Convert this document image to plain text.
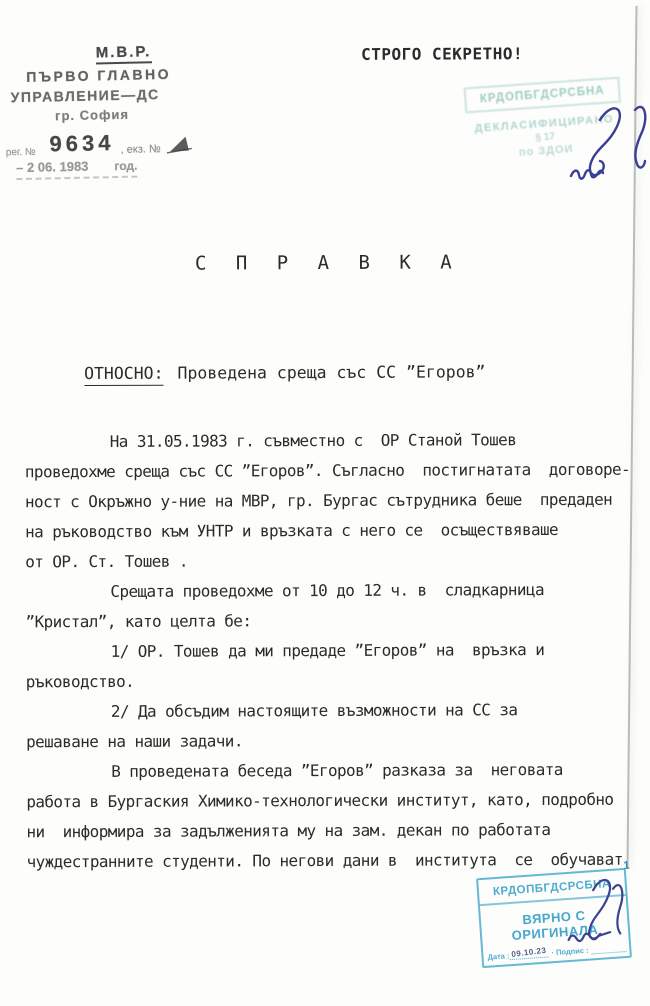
М.В.Р.
ПЪРВО ГЛАВНО
УПРАВЛЕНИЕ—ДС
гр. София
рег. № 9634 , екз. №
– 2 06. 1983 год.
КРДОПБГДСРСБНА
ДЕКЛАСИФИЦИРАНО
§ 17
по ЗДОИ
СТРОГО СЕКРЕТНО!
С П Р А В К А

ОТНОСНО: Проведена среща със СС ”Егоров”

На 31.05.1983 г. съвместно с  ОР Станой Тошев
проведохме среща със СС ”Егоров”. Съгласно  постигнатата  договоре-
ност с Окръжно у-ние на МВР, гр. Бургас сътрудника беше  предаден
на ръководство към УНТР и връзката с него се  осъществяваше
от ОР. Ст. Тошев .
Срещата проведохме от 10 до 12 ч. в  сладкарница
”Кристал”, като целта бе:
1/ ОР. Тошев да ми предаде ”Егоров” на  връзка и
ръководство.
2/ Да обсъдим настоящите възможности на СС за
решаване на наши задачи.
В проведената беседа ”Егоров” разказа за  неговата
работа в Бургаския Химико-технологически институт, като, подробно
ни  информира за задълженията му на зам. декан по работата
чуждестранните студенти. По негови дани в  института  се  обучават 1
КРДОПБГДСРСБНА
ВЯРНО С ОРИГИНАЛА
Дата : 09.10.23 · Подпис :
